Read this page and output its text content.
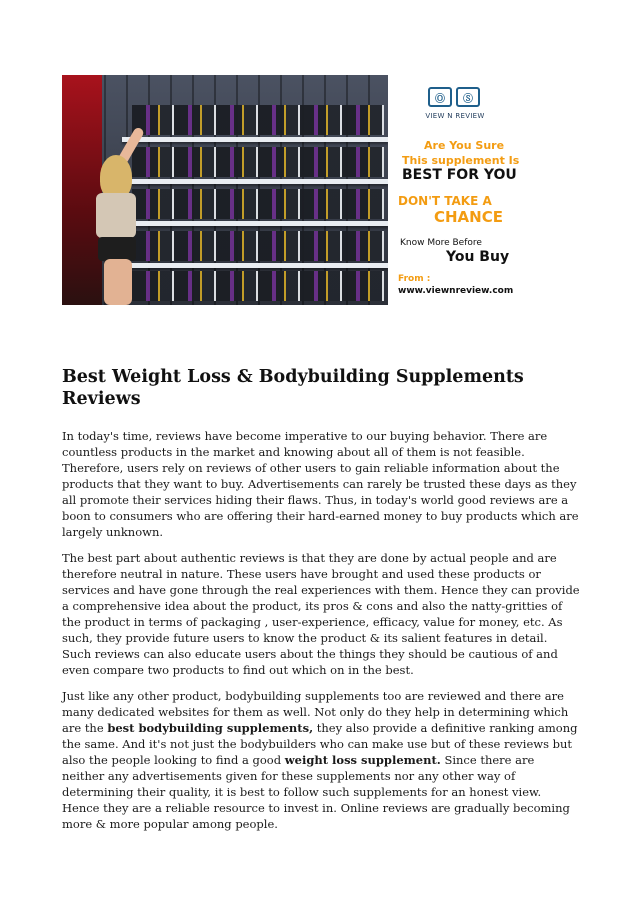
Ⓞ	Ⓢ
VIEW N REVIEW
Are You Sure
This supplement Is
BEST FOR YOU
DON'T TAKE A
CHANCE
Know More Before
You Buy
From :
www.viewnreview.com
Best Weight Loss & Bodybuilding Supplements Reviews

In today's time, reviews have become imperative to our buying behavior. There are countless products in the market and knowing about all of them is not feasible. Therefore, users rely on reviews of other users to gain reliable information about the products that they want to buy. Advertisements can rarely be trusted these days as they all promote their services hiding their flaws. Thus, in today's world good reviews are a boon to consumers who are offering their hard-earned money to buy products which are largely unknown.

The best part about authentic reviews is that they are done by actual people and are therefore neutral in nature. These users have brought and used these products or services and have gone through the real experiences with them. Hence they can provide a comprehensive idea about the product, its pros & cons and also the natty-gritties of the product in terms of packaging , user-experience, efficacy, value for money, etc. As such, they provide future users to know the product & its salient features in detail. Such reviews can also educate users about the things they should be cautious of and even compare two products to find out which on in the best.

Just like any other product, bodybuilding supplements too are reviewed and there are many dedicated websites for them as well. Not only do they help in determining which are the best bodybuilding supplements, they also provide a definitive ranking among the same. And it's not just the bodybuilders who can make use but of these reviews but also the people looking to find a good weight loss supplement. Since there are neither any advertisements given for these supplements nor any other way of determining their quality, it is best to follow such supplements for an honest view. Hence they are a reliable resource to invest in. Online reviews are gradually becoming more & more popular among people.
